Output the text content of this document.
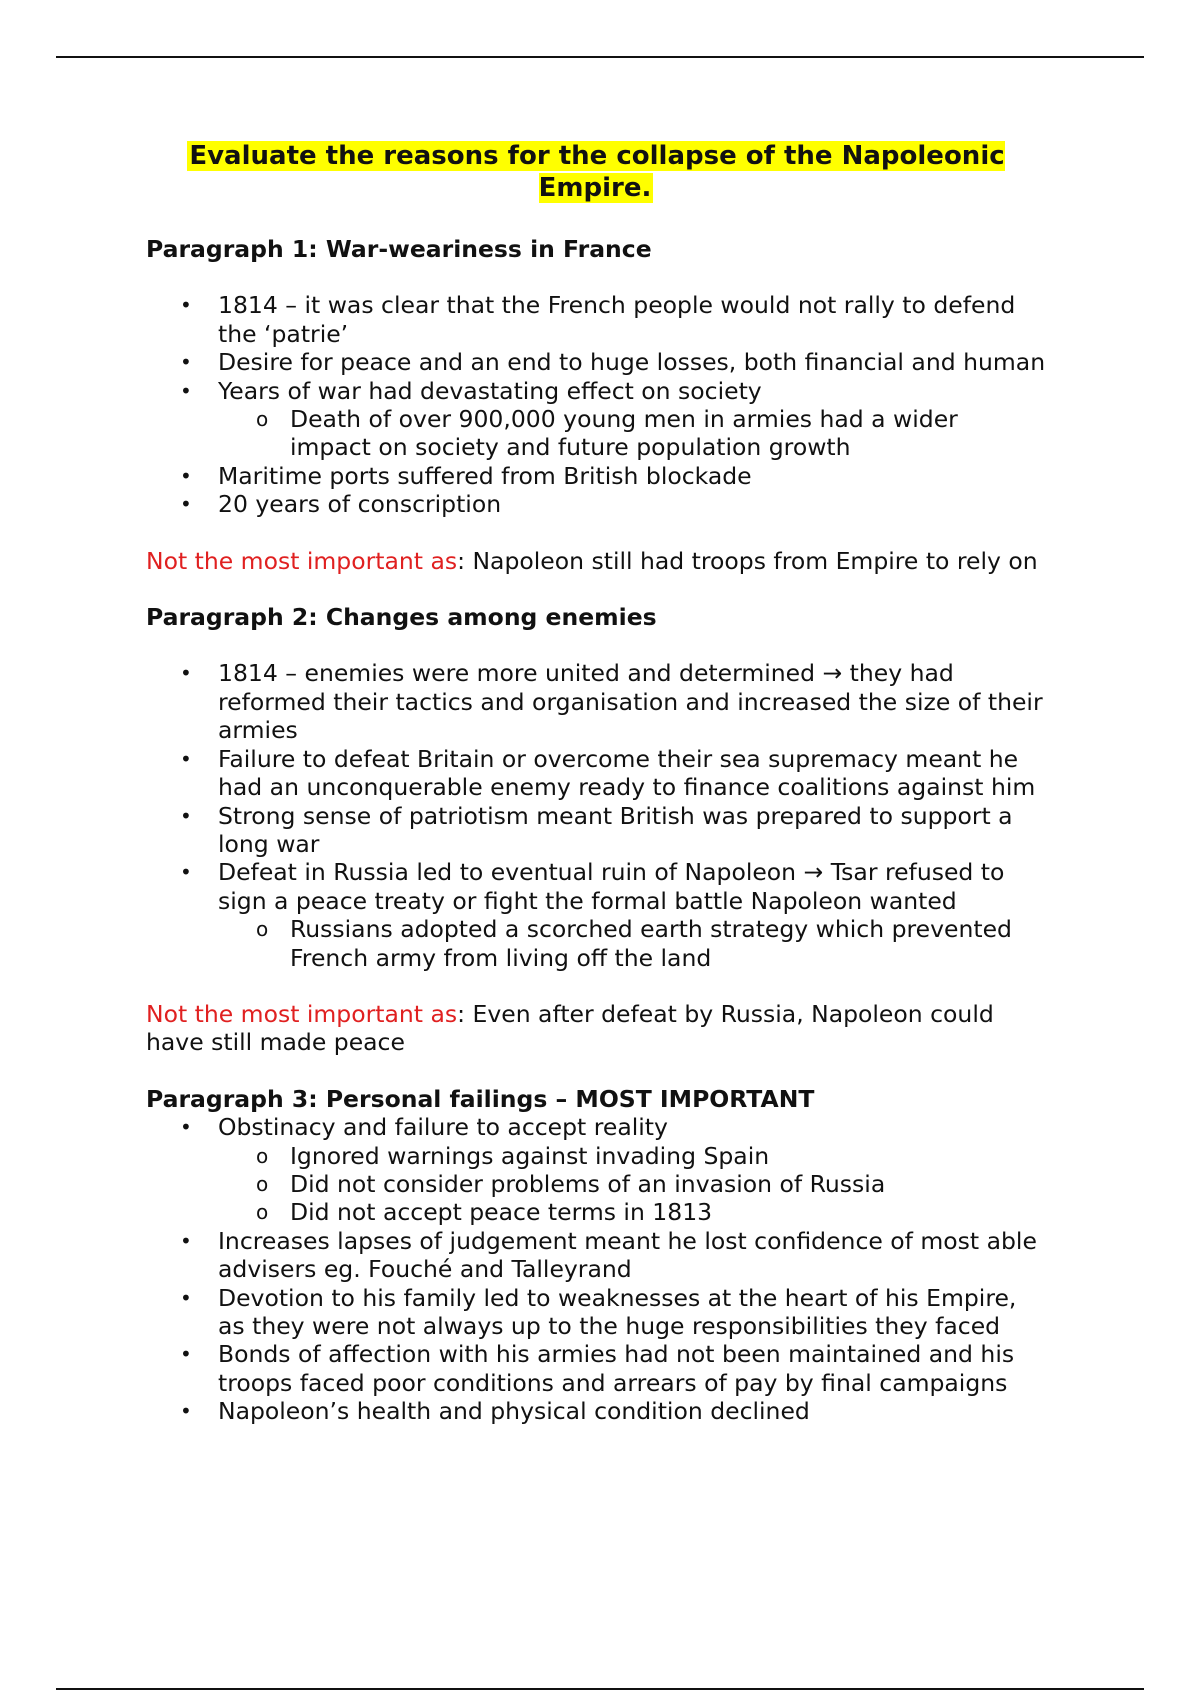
Evaluate the reasons for the collapse of the Napoleonic Empire.
Paragraph 1: War-weariness in France
• 1814 – it was clear that the French people would not rally to defend the ‘patrie’
• Desire for peace and an end to huge losses, both financial and human
• Years of war had devastating effect on society
o Death of over 900,000 young men in armies had a wider impact on society and future population growth
• Maritime ports suffered from British blockade
• 20 years of conscription

Not the most important as: Napoleon still had troops from Empire to rely on

Paragraph 2: Changes among enemies
• 1814 – enemies were more united and determined → they had reformed their tactics and organisation and increased the size of their armies
• Failure to defeat Britain or overcome their sea supremacy meant he had an unconquerable enemy ready to finance coalitions against him
• Strong sense of patriotism meant British was prepared to support a long war
• Defeat in Russia led to eventual ruin of Napoleon → Tsar refused to sign a peace treaty or fight the formal battle Napoleon wanted
o Russians adopted a scorched earth strategy which prevented French army from living off the land

Not the most important as: Even after defeat by Russia, Napoleon could have still made peace

Paragraph 3: Personal failings – MOST IMPORTANT
• Obstinacy and failure to accept reality
o Ignored warnings against invading Spain
o Did not consider problems of an invasion of Russia
o Did not accept peace terms in 1813
• Increases lapses of judgement meant he lost confidence of most able advisers eg. Fouché and Talleyrand
• Devotion to his family led to weaknesses at the heart of his Empire, as they were not always up to the huge responsibilities they faced
• Bonds of affection with his armies had not been maintained and his troops faced poor conditions and arrears of pay by final campaigns
• Napoleon’s health and physical condition declined
